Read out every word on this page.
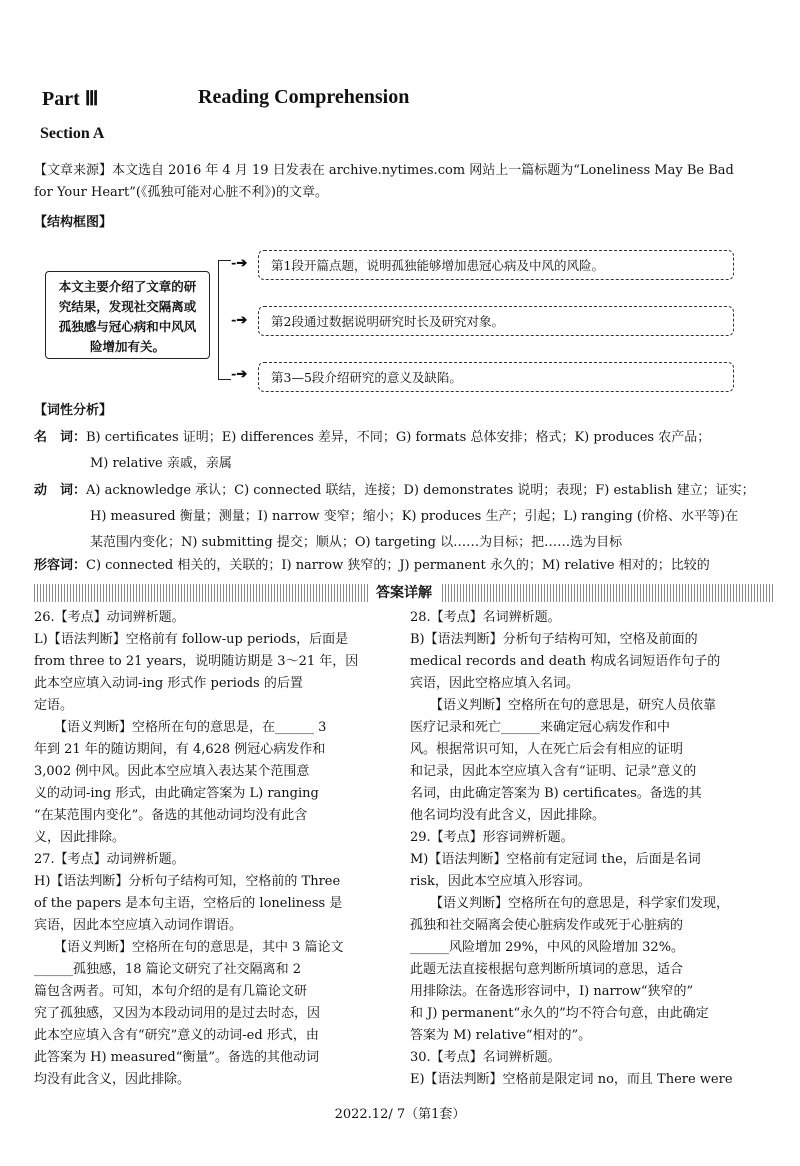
Part Ⅲ	Reading Comprehension
Section A
【文章来源】本文选自 2016 年 4 月 19 日发表在 archive.nytimes.com 网站上一篇标题为“Loneliness May Be Bad
for Your Heart”(《孤独可能对心脏不利》)的文章。
【结构框图】
本文主要介绍了文章的研究结果，发现社交隔离或孤独感与冠心病和中风风险增加有关。
-➔
-➔
-➔
第1段开篇点题，说明孤独能够增加患冠心病及中风的风险。
第2段通过数据说明研究时长及研究对象。
第3—5段介绍研究的意义及缺陷。
【词性分析】
名　词：B) certificates 证明；E) differences 差异，不同；G) formats 总体安排；格式；K) produces 农产品；
M) relative 亲戚，亲属
动　词：A) acknowledge 承认；C) connected 联结，连接；D) demonstrates 说明；表现；F) establish 建立；证实；
H) measured 衡量；测量；I) narrow 变窄；缩小；K) produces 生产；引起；L) ranging (价格、水平等)在
某范围内变化；N) submitting 提交；顺从；O) targeting 以……为目标；把……选为目标
形容词：C) connected 相关的，关联的；I) narrow 狭窄的；J) permanent 永久的；M) relative 相对的；比较的
答案详解

26.【考点】动词辨析题。

L)【语法判断】空格前有 follow-up periods，后面是

from three to 21 years，说明随访期是 3～21 年，因

此本空应填入动词-ing 形式作 periods 的后置

定语。

【语义判断】空格所在句的意思是，在______ 3

年到 21 年的随访期间，有 4,628 例冠心病发作和

3,002 例中风。因此本空应填入表达某个范围意

义的动词-ing 形式，由此确定答案为 L) ranging

“在某范围内变化”。备选的其他动词均没有此含

义，因此排除。

27.【考点】动词辨析题。

H)【语法判断】分析句子结构可知，空格前的 Three

of the papers 是本句主语，空格后的 loneliness 是

宾语，因此本空应填入动词作谓语。

【语义判断】空格所在句的意思是，其中 3 篇论文

______孤独感，18 篇论文研究了社交隔离和 2

篇包含两者。可知，本句介绍的是有几篇论文研

究了孤独感，又因为本段动词用的是过去时态，因

此本空应填入含有“研究”意义的动词-ed 形式，由

此答案为 H) measured“衡量”。备选的其他动词

均没有此含义，因此排除。

28.【考点】名词辨析题。

B)【语法判断】分析句子结构可知，空格及前面的

medical records and death 构成名词短语作句子的

宾语，因此空格应填入名词。

【语义判断】空格所在句的意思是，研究人员依靠

医疗记录和死亡______来确定冠心病发作和中

风。根据常识可知，人在死亡后会有相应的证明

和记录，因此本空应填入含有“证明、记录”意义的

名词，由此确定答案为 B) certificates。备选的其

他名词均没有此含义，因此排除。

29.【考点】形容词辨析题。

M)【语法判断】空格前有定冠词 the，后面是名词

risk，因此本空应填入形容词。

【语义判断】空格所在句的意思是，科学家们发现，

孤独和社交隔离会使心脏病发作或死于心脏病的

______风险增加 29%，中风的风险增加 32%。

此题无法直接根据句意判断所填词的意思，适合

用排除法。在备选形容词中，I) narrow“狭窄的”

和 J) permanent“永久的”均不符合句意，由此确定

答案为 M) relative“相对的”。

30.【考点】名词辨析题。

E)【语法判断】空格前是限定词 no，而且 There were

2022.12/ 7（第1套）
